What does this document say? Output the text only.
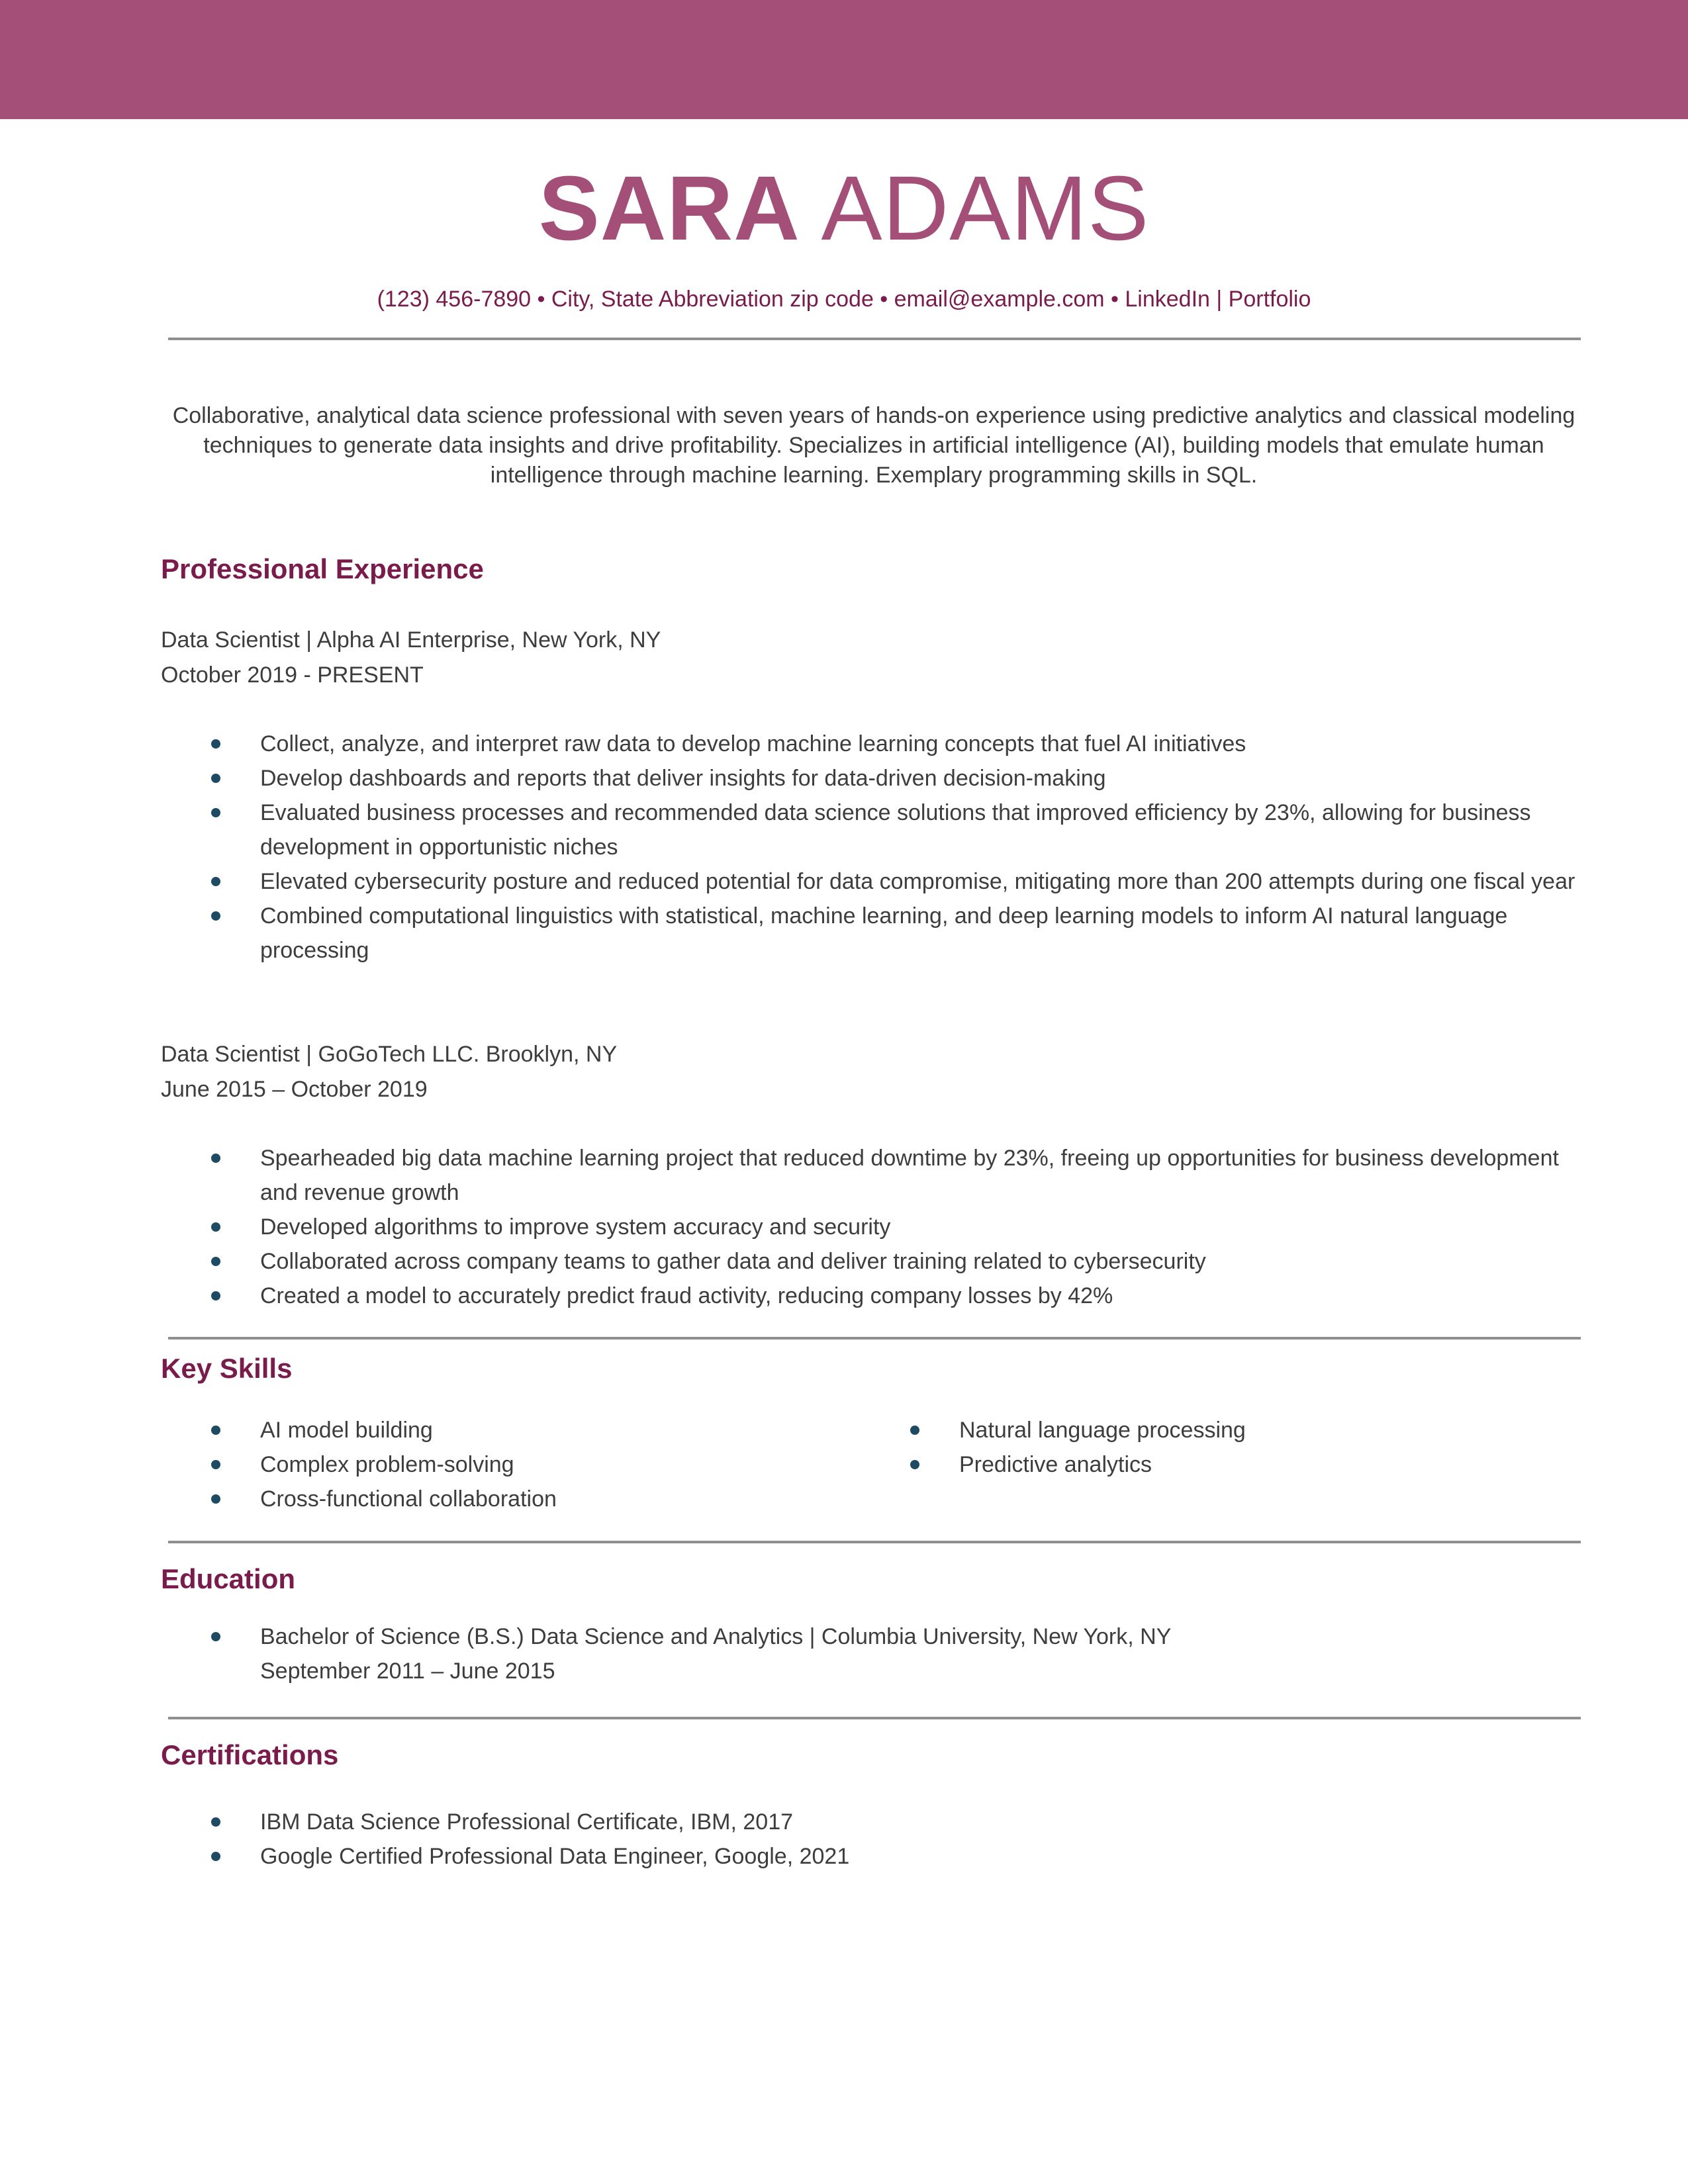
SARA ADAMS
(123) 456-7890 • City, State Abbreviation zip code • email@example.com • LinkedIn | Portfolio
Collaborative, analytical data science professional with seven years of hands-on experience using predictive analytics and classical modeling techniques to generate data insights and drive profitability. Specializes in artificial intelligence (AI), building models that emulate human intelligence through machine learning. Exemplary programming skills in SQL.
Professional Experience
Data Scientist | Alpha AI Enterprise, New York, NY
October 2019 - PRESENT
Collect, analyze, and interpret raw data to develop machine learning concepts that fuel AI initiatives
Develop dashboards and reports that deliver insights for data-driven decision-making
Evaluated business processes and recommended data science solutions that improved efficiency by 23%, allowing for business development in opportunistic niches
Elevated cybersecurity posture and reduced potential for data compromise, mitigating more than 200 attempts during one fiscal year
Combined computational linguistics with statistical, machine learning, and deep learning models to inform AI natural language processing
Data Scientist | GoGoTech LLC. Brooklyn, NY
June 2015 – October 2019
Spearheaded big data machine learning project that reduced downtime by 23%, freeing up opportunities for business development and revenue growth
Developed algorithms to improve system accuracy and security
Collaborated across company teams to gather data and deliver training related to cybersecurity
Created a model to accurately predict fraud activity, reducing company losses by 42%
Key Skills
AI model building
Complex problem-solving
Cross-functional collaboration
Natural language processing
Predictive analytics
Education
Bachelor of Science (B.S.) Data Science and Analytics | Columbia University, New York, NY
September 2011 – June 2015
Certifications
IBM Data Science Professional Certificate, IBM, 2017
Google Certified Professional Data Engineer, Google, 2021
